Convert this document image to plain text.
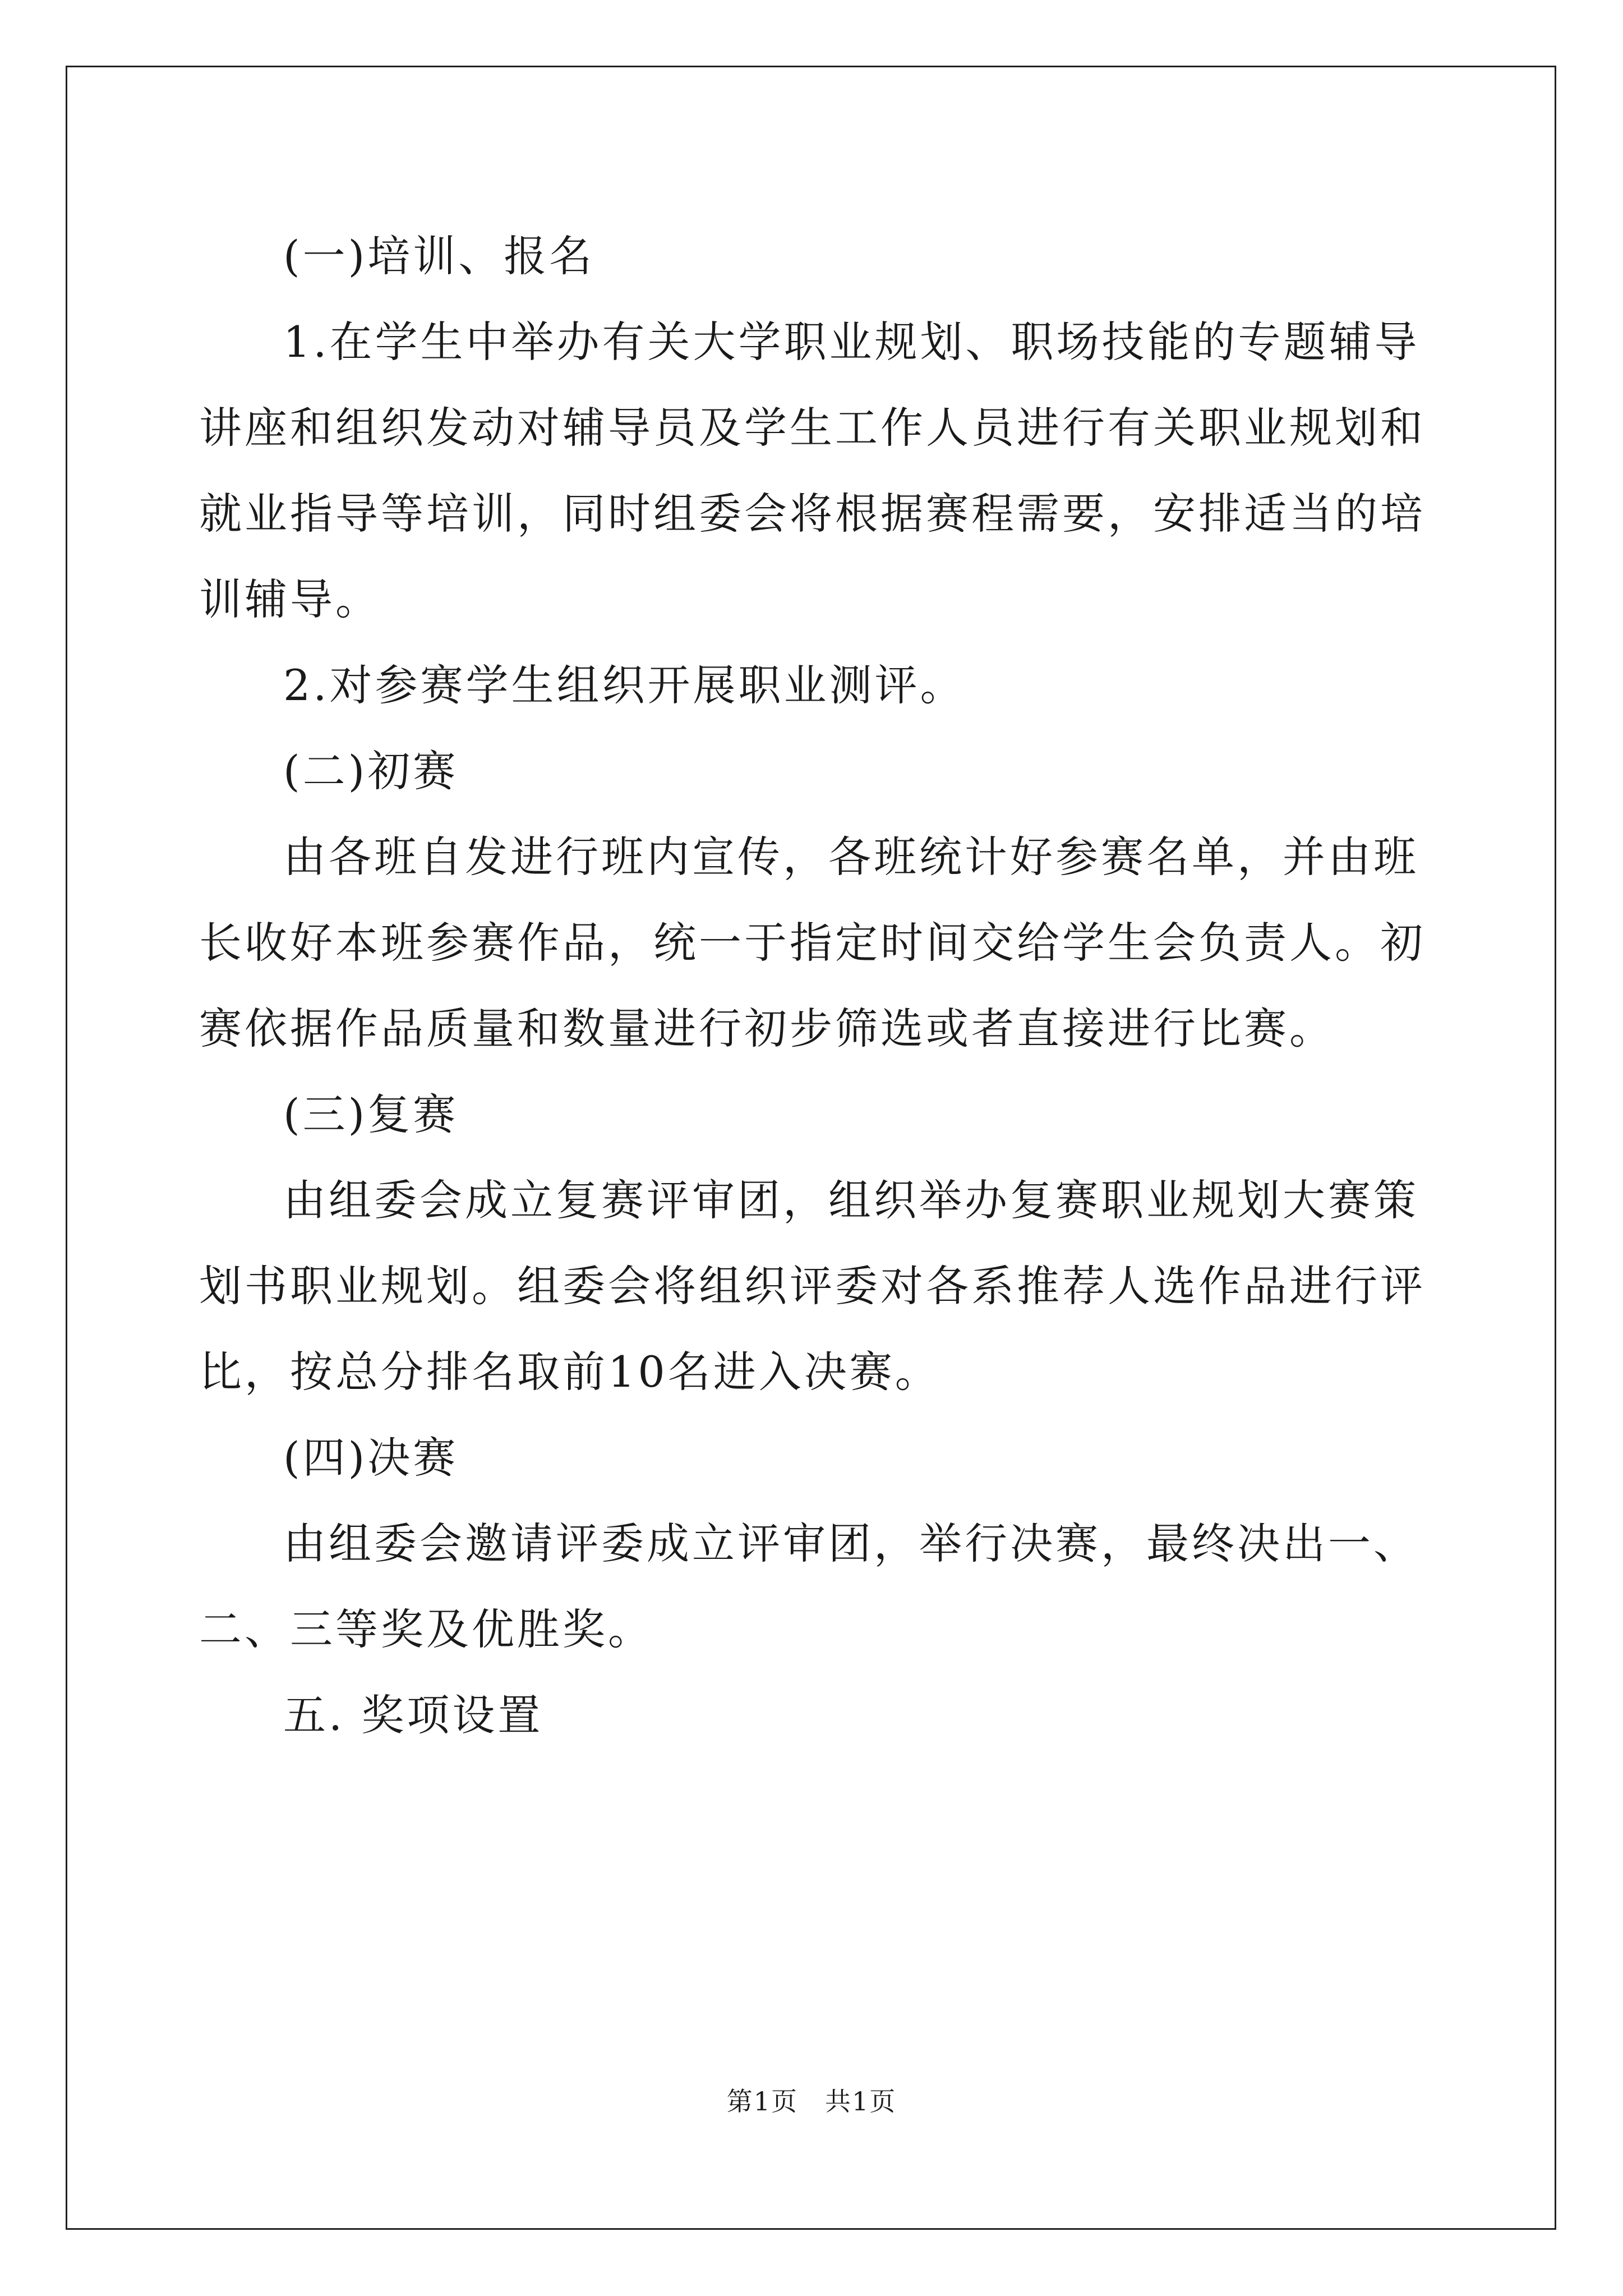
(一)培训、报名

1.在学生中举办有关大学职业规划、职场技能的专题辅导讲座和组织发动对辅导员及学生工作人员进行有关职业规划和就业指导等培训，同时组委会将根据赛程需要，安排适当的培训辅导。

2.对参赛学生组织开展职业测评。

(二)初赛

由各班自发进行班内宣传，各班统计好参赛名单，并由班长收好本班参赛作品，统一于指定时间交给学生会负责人。初赛依据作品质量和数量进行初步筛选或者直接进行比赛。

(三)复赛

由组委会成立复赛评审团，组织举办复赛职业规划大赛策划书职业规划。组委会将组织评委对各系推荐人选作品进行评比，按总分排名取前10名进入决赛。

(四)决赛

由组委会邀请评委成立评审团，举行决赛，最终决出一、二、三等奖及优胜奖。

五. 奖项设置

第1页　共1页
